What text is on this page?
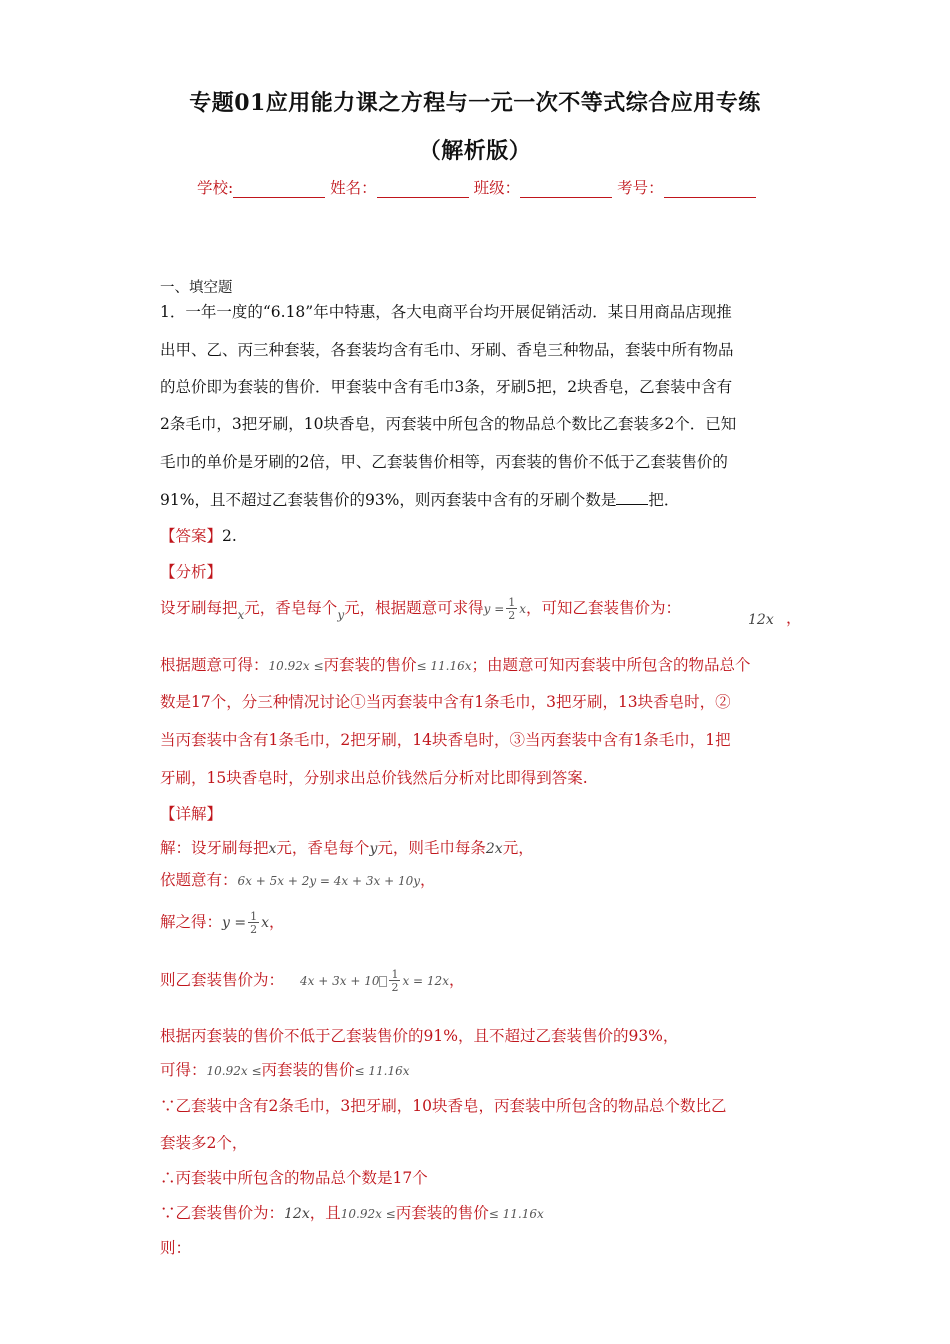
专题01应用能力课之方程与一元一次不等式综合应用专练
（解析版）
学校:	姓名：	班级：	考号：
一、填空题
1．一年一度的“6.18”年中特惠，各大电商平台均开展促销活动．某日用商品店现推
出甲、乙、丙三种套装，各套装均含有毛巾、牙刷、香皂三种物品，套装中所有物品
的总价即为套装的售价．甲套装中含有毛巾3条，牙刷5把，2块香皂，乙套装中含有
2条毛巾，3把牙刷，10块香皂，丙套装中所包含的物品总个数比乙套装多2个．已知
毛巾的单价是牙刷的2倍，甲、乙套装售价相等，丙套装的售价不低于乙套装售价的
91%，且不超过乙套装售价的93%，则丙套装中含有的牙刷个数是 把．
【答案】2.
【分析】
设牙刷每把$_x$元，香皂每个$_y$元，根据题意可求得$y = \frac{1}{2}$ x，可知乙套装售价为：
12x ，
根据题意可得：10.92x ≤丙套装的售价≤ 11.16x；由题意可知丙套装中所包含的物品总个
数是17个，分三种情况讨论①当丙套装中含有1条毛巾，3把牙刷，13块香皂时，②
当丙套装中含有1条毛巾，2把牙刷，14块香皂时，③当丙套装中含有1条毛巾，1把
牙刷，15块香皂时，分别求出总价钱然后分析对比即得到答案.
【详解】
解：设牙刷每把x元，香皂每个y元，则毛巾每条2x元，
依题意有：6x + 5x + 2y = 4x + 3x + 10y，
解之得：$y = \frac{1}{2}$ x，
则乙套装售价为： $4x + 3x + 10 \frac{1}{2}$ x = 12x，
根据丙套装的售价不低于乙套装售价的91%，且不超过乙套装售价的93%，
可得：10.92x ≤丙套装的售价≤ 11.16x
∵乙套装中含有2条毛巾，3把牙刷，10块香皂，丙套装中所包含的物品总个数比乙
套装多2个，
∴丙套装中所包含的物品总个数是17个
∵乙套装售价为：12x，且10.92x ≤丙套装的售价≤ 11.16x
则：
